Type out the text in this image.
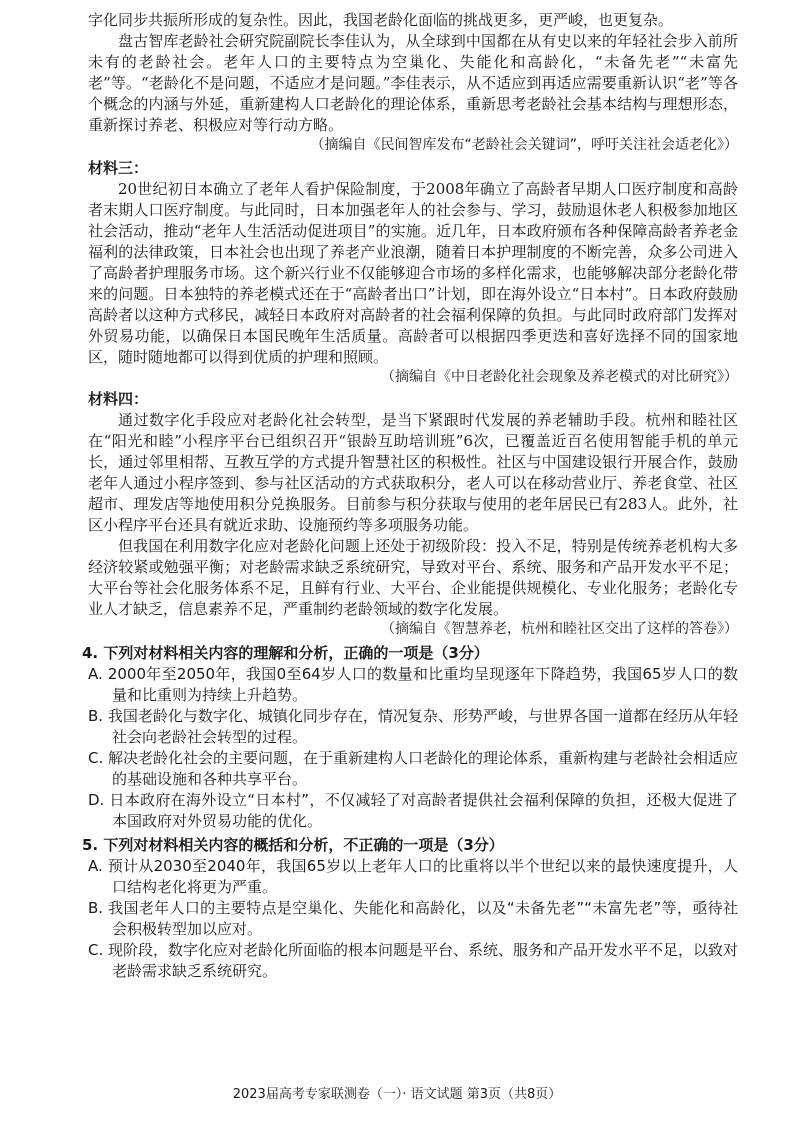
字化同步共振所形成的复杂性。因此，我国老龄化面临的挑战更多，更严峻，也更复杂。

盘古智库老龄社会研究院副院长李佳认为，从全球到中国都在从有史以来的年轻社会步入前所未有的老龄社会。老年人口的主要特点为空巢化、失能化和高龄化，“未备先老”“未富先老”等。“老龄化不是问题，不适应才是问题。”李佳表示，从不适应到再适应需要重新认识“老”等各个概念的内涵与外延，重新建构人口老龄化的理论体系，重新思考老龄社会基本结构与理想形态，重新探讨养老、积极应对等行动方略。

（摘编自《民间智库发布“老龄社会关键词”，呼吁关注社会适老化》）

材料三：

20世纪初日本确立了老年人看护保险制度，于2008年确立了高龄者早期人口医疗制度和高龄者末期人口医疗制度。与此同时，日本加强老年人的社会参与、学习，鼓励退休老人积极参加地区社会活动，推动“老年人生活活动促进项目”的实施。近几年，日本政府颁布各种保障高龄者养老金福利的法律政策，日本社会也出现了养老产业浪潮，随着日本护理制度的不断完善，众多公司进入了高龄者护理服务市场。这个新兴行业不仅能够迎合市场的多样化需求，也能够解决部分老龄化带来的问题。日本独特的养老模式还在于“高龄者出口”计划，即在海外设立“日本村”。日本政府鼓励高龄者以这种方式移民，减轻日本政府对高龄者的社会福利保障的负担。与此同时政府部门发挥对外贸易功能，以确保日本国民晚年生活质量。高龄者可以根据四季更迭和喜好选择不同的国家地区，随时随地都可以得到优质的护理和照顾。

（摘编自《中日老龄化社会现象及养老模式的对比研究》）

材料四：

通过数字化手段应对老龄化社会转型，是当下紧跟时代发展的养老辅助手段。杭州和睦社区在“阳光和睦”小程序平台已组织召开“银龄互助培训班”6次，已覆盖近百名使用智能手机的单元长，通过邻里相帮、互教互学的方式提升智慧社区的积极性。社区与中国建设银行开展合作，鼓励老年人通过小程序签到、参与社区活动的方式获取积分，老人可以在移动营业厅、养老食堂、社区超市、理发店等地使用积分兑换服务。目前参与积分获取与使用的老年居民已有283人。此外，社区小程序平台还具有就近求助、设施预约等多项服务功能。

但我国在利用数字化应对老龄化问题上还处于初级阶段：投入不足，特别是传统养老机构大多经济较紧或勉强平衡；对老龄需求缺乏系统研究，导致对平台、系统、服务和产品开发水平不足；大平台等社会化服务体系不足，且鲜有行业、大平台、企业能提供规模化、专业化服务；老龄化专业人才缺乏，信息素养不足，严重制约老龄领域的数字化发展。

（摘编自《智慧养老，杭州和睦社区交出了这样的答卷》）

4. 下列对材料相关内容的理解和分析，正确的一项是（3分）

A. 2000年至2050年，我国0至64岁人口的数量和比重均呈现逐年下降趋势，我国65岁人口的数量和比重则为持续上升趋势。

B. 我国老龄化与数字化、城镇化同步存在，情况复杂、形势严峻，与世界各国一道都在经历从年轻社会向老龄社会转型的过程。

C. 解决老龄化社会的主要问题，在于重新建构人口老龄化的理论体系，重新构建与老龄社会相适应的基础设施和各种共享平台。

D. 日本政府在海外设立“日本村”，不仅减轻了对高龄者提供社会福利保障的负担，还极大促进了本国政府对外贸易功能的优化。

5. 下列对材料相关内容的概括和分析，不正确的一项是（3分）

A. 预计从2030至2040年，我国65岁以上老年人口的比重将以半个世纪以来的最快速度提升，人口结构老化将更为严重。

B. 我国老年人口的主要特点是空巢化、失能化和高龄化，以及“未备先老”“未富先老”等，亟待社会积极转型加以应对。

C. 现阶段，数字化应对老龄化所面临的根本问题是平台、系统、服务和产品开发水平不足，以致对老龄需求缺乏系统研究。

2023届高考专家联测卷（一）· 语文试题 第3页（共8页）
